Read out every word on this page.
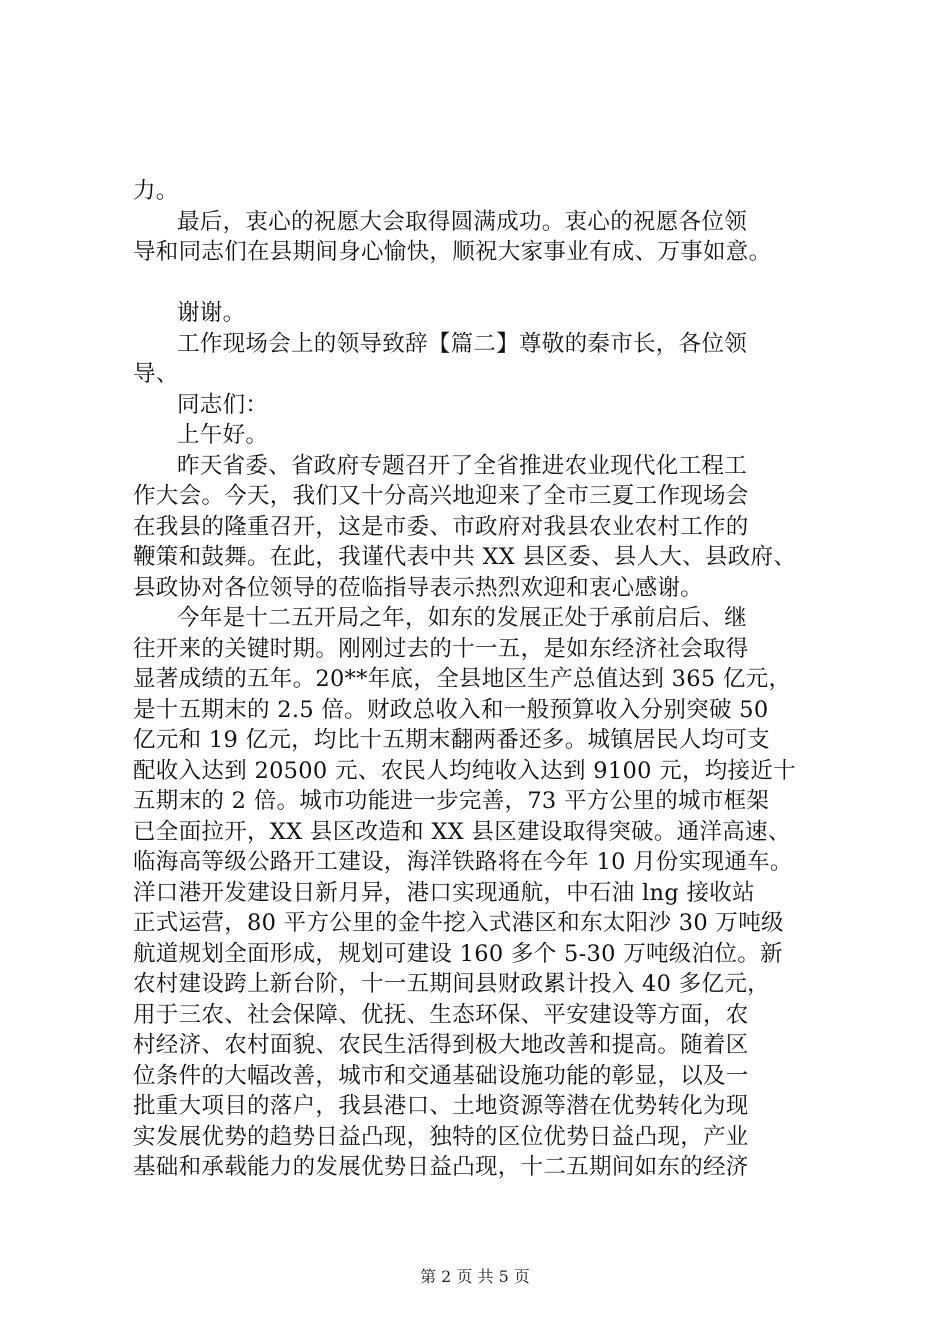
力。
最后，衷心的祝愿大会取得圆满成功。衷心的祝愿各位领
导和同志们在县期间身心愉快，顺祝大家事业有成、万事如意。
谢谢。
工作现场会上的领导致辞【篇二】尊敬的秦市长，各位领
导、
同志们：
上午好。
昨天省委、省政府专题召开了全省推进农业现代化工程工
作大会。今天，我们又十分高兴地迎来了全市三夏工作现场会
在我县的隆重召开，这是市委、市政府对我县农业农村工作的
鞭策和鼓舞。在此，我谨代表中共 XX 县区委、县人大、县政府、
县政协对各位领导的莅临指导表示热烈欢迎和衷心感谢。
今年是十二五开局之年，如东的发展正处于承前启后、继
往开来的关键时期。刚刚过去的十一五，是如东经济社会取得
显著成绩的五年。20**年底，全县地区生产总值达到 365 亿元，
是十五期末的 2.5 倍。财政总收入和一般预算收入分别突破 50
亿元和 19 亿元，均比十五期末翻两番还多。城镇居民人均可支
配收入达到 20500 元、农民人均纯收入达到 9100 元，均接近十
五期末的 2 倍。城市功能进一步完善，73 平方公里的城市框架
已全面拉开，XX 县区改造和 XX 县区建设取得突破。通洋高速、
临海高等级公路开工建设，海洋铁路将在今年 10 月份实现通车。
洋口港开发建设日新月异，港口实现通航，中石油 lng 接收站
正式运营，80 平方公里的金牛挖入式港区和东太阳沙 30 万吨级
航道规划全面形成，规划可建设 160 多个 5-30 万吨级泊位。新
农村建设跨上新台阶，十一五期间县财政累计投入 40 多亿元，
用于三农、社会保障、优抚、生态环保、平安建设等方面，农
村经济、农村面貌、农民生活得到极大地改善和提高。随着区
位条件的大幅改善，城市和交通基础设施功能的彰显，以及一
批重大项目的落户，我县港口、土地资源等潜在优势转化为现
实发展优势的趋势日益凸现，独特的区位优势日益凸现，产业
基础和承载能力的发展优势日益凸现，十二五期间如东的经济
第 2 页 共 5 页
